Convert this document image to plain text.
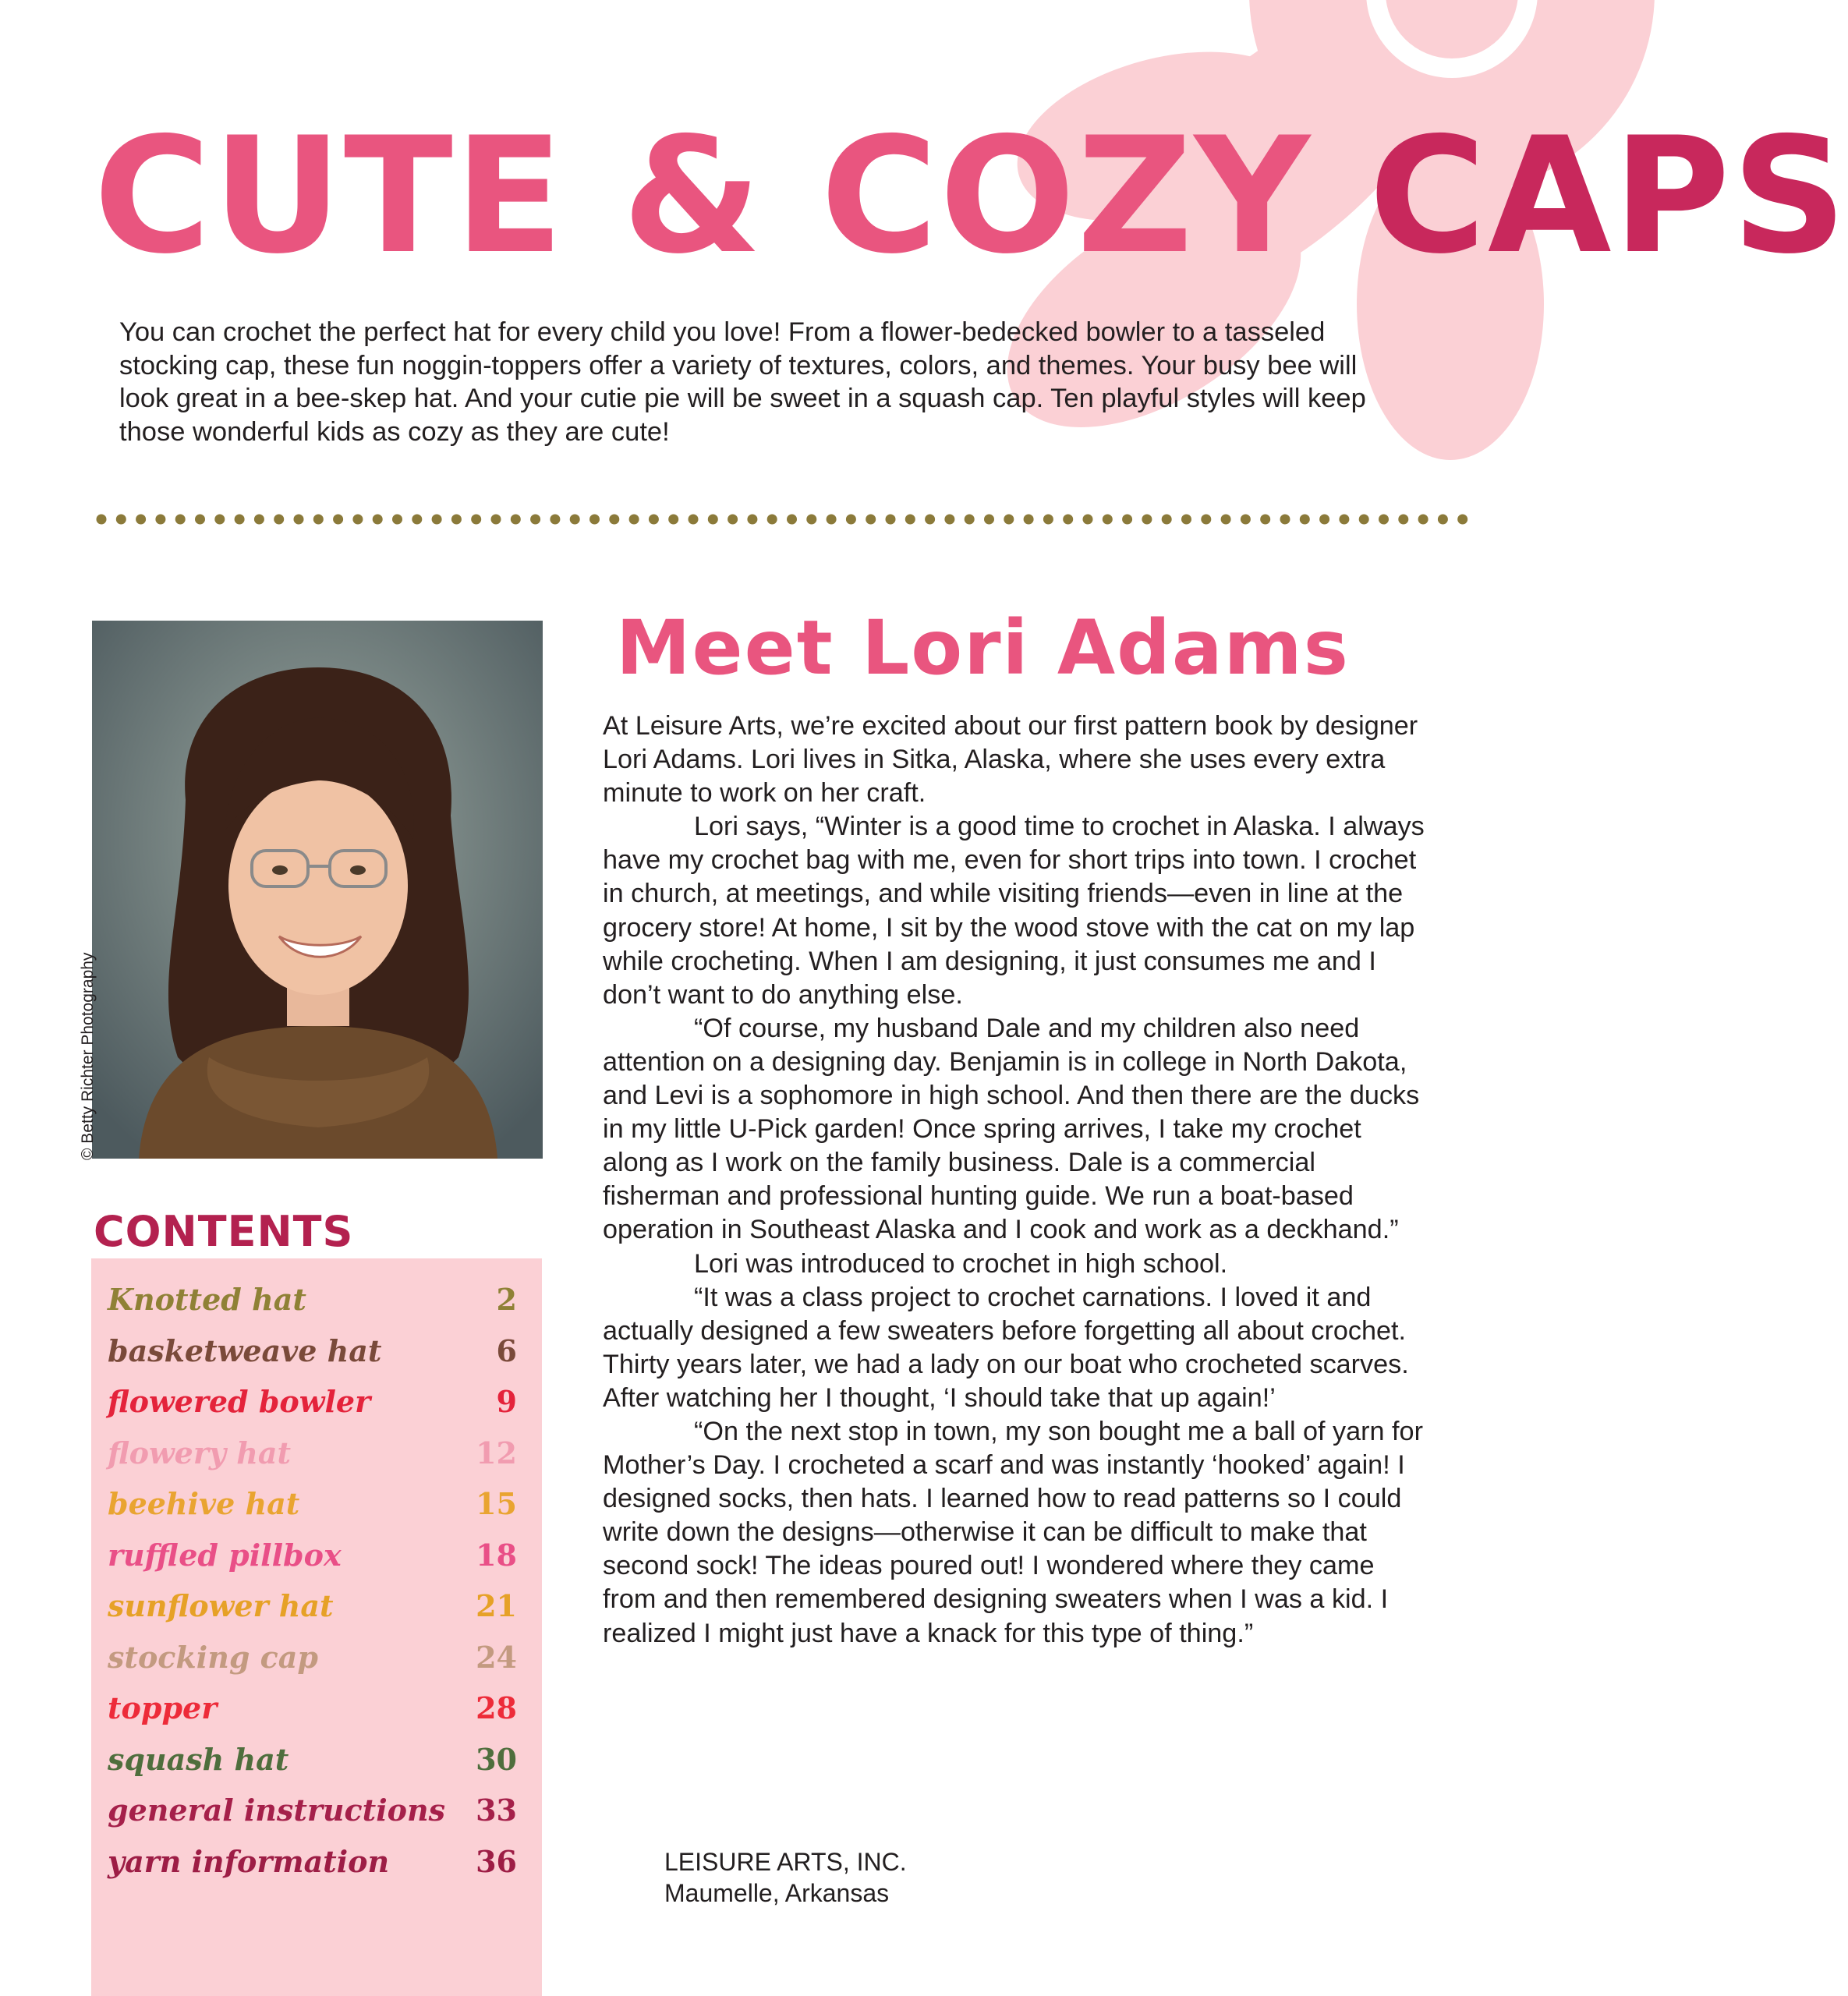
CUTE & COZY CAPS
You can crochet the perfect hat for every child you love! From a flower-bedecked bowler to a tasseled stocking cap, these fun noggin-toppers offer a variety of textures, colors, and themes. Your busy bee will look great in a bee-skep hat. And your cutie pie will be sweet in a squash cap. Ten playful styles will keep those wonderful kids as cozy as they are cute!
© Betty Richter Photography
CONTENTS
Knotted hat	2
basketweave hat	6
flowered bowler	9
flowery hat	12
beehive hat	15
ruffled pillbox	18
sunflower hat	21
stocking cap	24
topper	28
squash hat	30
general instructions 33
yarn information	36
Meet Lori Adams

At Leisure Arts, we’re excited about our first pattern book by designer Lori Adams. Lori lives in Sitka, Alaska, where she uses every extra minute to work on her craft.

Lori says, “Winter is a good time to crochet in Alaska. I always have my crochet bag with me, even for short trips into town. I crochet in church, at meetings, and while visiting friends—even in line at the grocery store! At home, I sit by the wood stove with the cat on my lap while crocheting. When I am designing, it just consumes me and I don’t want to do anything else.

“Of course, my husband Dale and my children also need attention on a designing day. Benjamin is in college in North Dakota, and Levi is a sophomore in high school. And then there are the ducks in my little U-Pick garden! Once spring arrives, I take my crochet along as I work on the family business. Dale is a commercial fisherman and professional hunting guide. We run a boat-based operation in Southeast Alaska and I cook and work as a deckhand.”

Lori was introduced to crochet in high school.

“It was a class project to crochet carnations. I loved it and actually designed a few sweaters before forgetting all about crochet. Thirty years later, we had a lady on our boat who crocheted scarves. After watching her I thought, ‘I should take that up again!’

“On the next stop in town, my son bought me a ball of yarn for Mother’s Day. I crocheted a scarf and was instantly ‘hooked’ again! I designed socks, then hats. I learned how to read patterns so I could write down the designs—otherwise it can be difficult to make that second sock! The ideas poured out! I wondered where they came from and then remembered designing sweaters when I was a kid. I realized I might just have a knack for this type of thing.”

LEISURE ARTS, INC.
Maumelle, Arkansas
